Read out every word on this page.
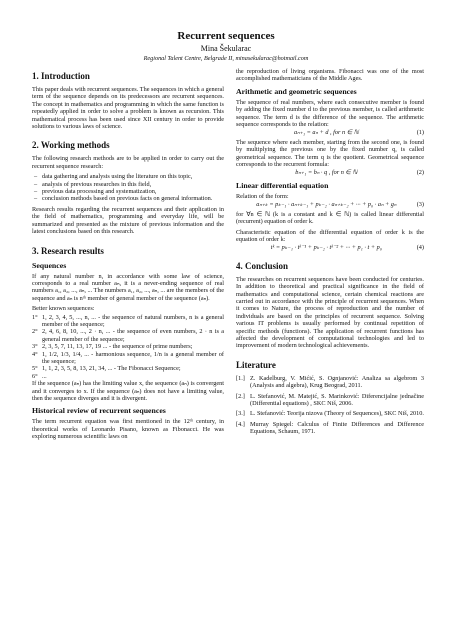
Recurrent sequences
Mina Šekularac
Regional Talent Centre, Belgrade II, minasekularac@hotmail.com
1. Introduction

This paper deals with recurrent sequences. The sequences in which a general term of the sequence depends on its predecessors are recurrent sequences. The concept in mathematics and programming in which the same function is repeatedly applied in order to solve a problem is known as recursion. This mathematical process has been used since XII century in order to provide solutions to various laws of science.

2. Working methods

The following research methods are to be applied in order to carry out the recurrent sequence research:

– data gathering and analysis using the literature on this topic,
– analysis of previous researches in this field,
– previous data processing and systematization,
– conclusion methods based on previous facts on general information.

Research results regarding the recurrent sequences and their application in the field of mathematics, programming and everyday life, will be summarized and presented as the mixture of previous information and the latest conclusions based on this research.

3. Research results
Sequences

If any natural number n, in accordance with some law of science, corresponds to a real number aₙ, it is a never-ending sequence of real numbers a₁, a₂, ..., aₙ, ... The numbers a₁, a₂, ..., aₙ, ... are the members of the sequence and aₙ is nᵗʰ member of general member of the sequence (aₙ).

Better known sequences:

1° 1, 2, 3, 4, 5, ..., n, ... - the sequence of natural numbers, n is a general member of the sequence;
2° 2, 4, 6, 8, 10, ..., 2 · n, ... - the sequence of even numbers, 2 · n is a general member of the sequence;
3° 2, 3, 5, 7, 11, 13, 17, 19 ... - the sequence of prime numbers;
4° 1, 1/2, 1/3, 1/4, ... - harmonious sequence, 1/n is a general member of the sequence;
5° 1, 1, 2, 3, 5, 8, 13, 21, 34, ... - The Fibonacci Sequence;
6° ...

If the sequence (aₙ) has the limiting value x, the sequence (aₙ) is convergent and it converges to x. If the sequence (aₙ) does not have a limiting value, then the sequence diverges and it is divergent.

Historical review of recurrent sequences

The term recurrent equation was first mentioned in the 12ᵗʰ century, in theoretical works of Leonardo Pisano, known as Fibonacci. He was exploring numerous scientific laws on

the reproduction of living organisms. Fibonacci was one of the most accomplished mathematicians of the Middle Ages.

Arithmetic and geometric sequences

The sequence of real numbers, where each consecutive member is found by adding the fixed number d to the previous member, is called arithmetic sequence. The term d is the difference of the sequence. The arithmetic sequence corresponds to the relation:

aₙ₊₁ = aₙ + d , for n ∈ ℕ	(1)

The sequence where each member, starting from the second one, is found by multiplying the previous one by the fixed number q, is called geometrical sequence. The term q is the quotient. Geometrical sequence corresponds to the recurrent formula:

bₙ₊₁ = bₙ · q , for n ∈ ℕ	(2)
Linear differential equation

Relation of the form:

aₙ₊ₖ = pₖ₋₁ · aₙ₊ₖ₋₁ + pₖ₋₂ · aₙ₊ₖ₋₂ + ··· + p₀ · aₙ + gₙ	(3)

for ∀n ∈ ℕ (k is a constant and k ∈ ℕ) is called linear differential (recurrent) equation of order k.

Characteristic equation of the differential equation of order k is the equation of order k:

tᵏ = pₖ₋₁ · tᵏ⁻¹ + pₖ₋₂ · tᵏ⁻² + ··· + p₁ · t + p₀	(4)
4. Conclusion

The researches on recurrent sequences have been conducted for centuries. In addition to theoretical and practical significance in the field of mathematics and computational science, certain chemical reactions are carried out in accordance with the principle of recurrent sequences. When it comes to Nature, the process of reproduction and the number of individuals are based on the principles of recurrent sequence. Solving various IT problems is usually performed by continual repetition of specific methods (functions). The application of recurrent functions has affected the development of computational technologies and led to improvement of modern technological achievements.

Literature
[1.] Z. Kadelburg, V. Mićić, S. Ognjanović: Analiza sa algebrom 3 (Analysis and algebra), Krug Beograd, 2011.
[2.] L. Stefanović, M. Matejić, S. Marinković: Diferencijalne jednačine (Differential equations) , SKC Niš, 2006.
[3.] L. Stefanović: Teorija nizova (Theory of Sequences), SKC Niš, 2010.
[4.] Murray Spiegel: Calculus of Finite Differences and Difference Equations, Schaum, 1971.
